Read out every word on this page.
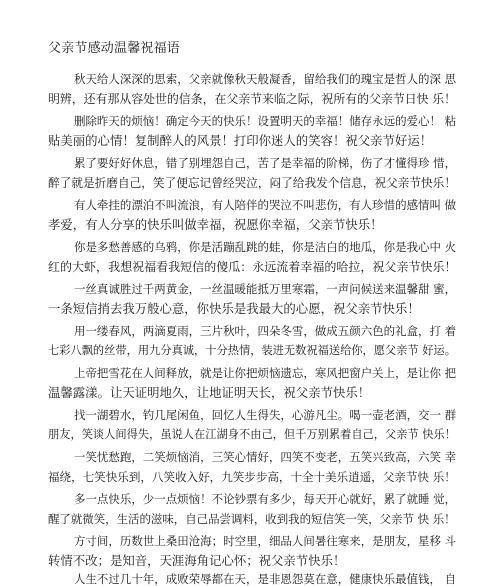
父亲节感动温馨祝福语
秋天给人深深的思索，父亲就像秋天般凝香，留给我们的瑰宝是哲人的深 思
明辨，还有那从容处世的信条，在父亲节来临之际，祝所有的父亲节日快 乐！
删除昨天的烦恼！确定今天的快乐！设置明天的幸福！储存永远的爱心！ 粘
贴美丽的心情！复制醉人的风景！打印你迷人的笑容！祝父亲节好运！
累了要好好休息，错了别埋怨自己，苦了是幸福的阶梯，伤了才懂得珍 惜，
醉了就是折磨自己，笑了便忘记曾经哭泣，闷了给我发个信息，祝父亲节快乐！
有人牵挂的漂泊不叫流浪，有人陪伴的哭泣不叫悲伤，有人珍惜的感情叫 做
孝爱，有人分享的快乐叫做幸福，祝愿你幸福，父亲节快乐！
你是多愁善感的乌鸦，你是活蹦乱跳的蛙，你是洁白的地瓜，你是我心中 火
红的大虾，我想祝福看我短信的傻瓜：永远流着幸福的哈拉，祝父亲节快乐！
一丝真诚胜过千两黄金，一丝温暖能抵万里寒霜，一声问候送来温馨甜 蜜，
一条短信捎去我万般心意，你快乐是我最大的心愿，祝父亲节快乐！
用一缕春风，两滴夏雨，三片秋叶，四朵冬雪，做成五颜六色的礼盒，打 着
七彩八飘的丝带，用九分真诚，十分热情，装进无数祝福送给你，愿父亲节 好运。
上帝把雪花在人间释放，就是让你把烦恼遗忘，寒风把窗户关上，是让你 把
温馨露漾。让天证明地久，让地证明天长，祝父亲节快乐！
找一湖碧水，钓几尾闲鱼，回忆人生得失，心游凡尘。喝一壶老酒，交一 群
朋友，笑谈人间得失，虽说人在江湖身不由己，但千万别累着自己，父亲节 快乐！
一笑忧愁跑，二笑烦恼消，三笑心情好，四笑不变老，五笑兴致高，六笑 幸
福绕，七笑快乐到，八笑收入好，九笑步步高，十全十美乐逍遥，父亲节快 乐！
多一点快乐，少一点烦恼！不论钞票有多少，每天开心就好，累了就睡 觉，
醒了就微笑，生活的滋味，自己品尝调料，收到我的短信笑一笑，父亲节 快 乐！
方寸间，历数世上桑田沧海；时空里，细品人间暑往寒来，是朋友，星移 斗
转情不改；是知音，天涯海角记心怀；祝父亲节快乐！
人生不过几十年，成败荣辱都在天，是非恩怨莫在意，健康快乐最值钱， 自
